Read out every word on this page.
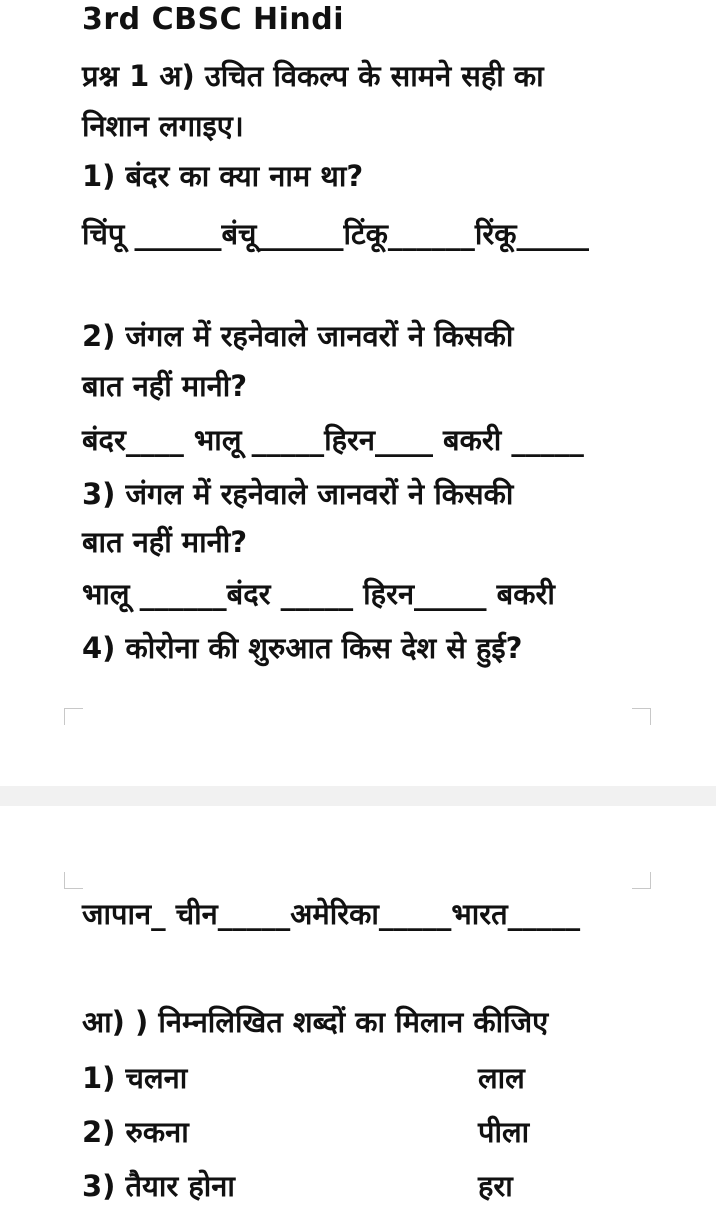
3rd CBSC Hindi
प्रश्न 1 अ) उचित विकल्प के सामने सही का
निशान लगाइए।
1) बंदर का क्या नाम था?
चिंपू ______बंचू______टिंकू______रिंकू_____
2) जंगल में रहनेवाले जानवरों ने किसकी
बात नहीं मानी?
बंदर____ भालू _____हिरन____ बकरी _____
3) जंगल में रहनेवाले जानवरों ने किसकी
बात नहीं मानी?
भालू ______बंदर _____ हिरन_____ बकरी
4) कोरोना की शुरुआत किस देश से हुई?
जापान_ चीन_____अमेरिका_____भारत_____
आ) ) निम्नलिखित शब्दों का मिलान कीजिए
1) चलना	लाल
2) रुकना	पीला
3) तैयार होना	हरा
